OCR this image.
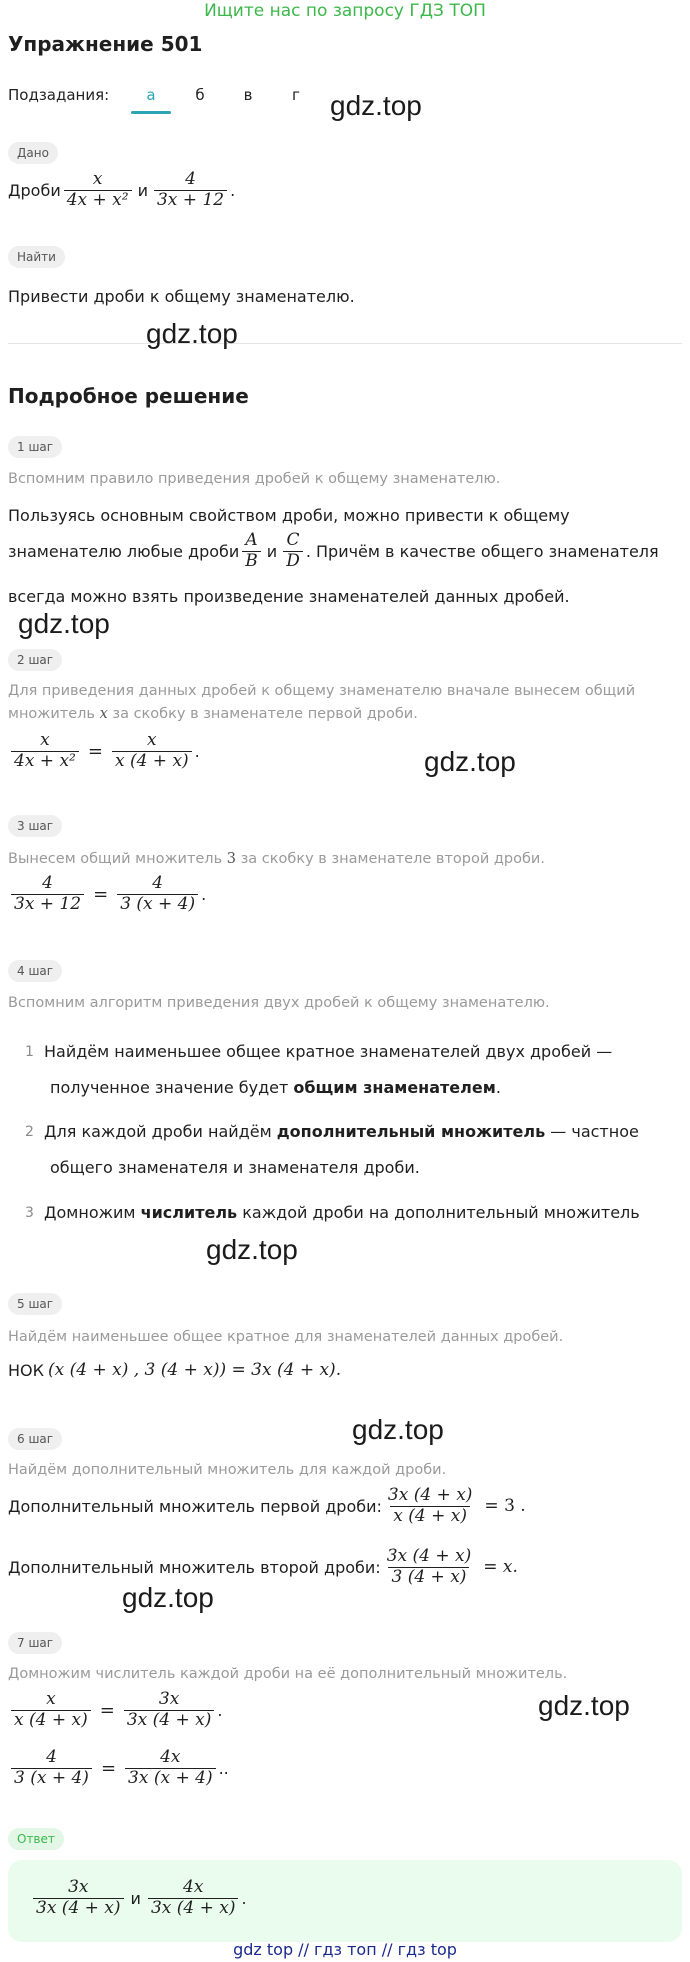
Ищите нас по запросу ГДЗ ТОП
Упражнение 501
Подзадания:	а	б	в	г	gdz.top
Дано
Дроби $\frac{x}{\text{4x + x²}}$ и $\frac{4}{3x + 12}$ .
Найти
Привести дроби к общему знаменателю.
gdz.top
Подробное решение
1 шаг
Вспомним правило приведения дробей к общему знаменателю.
Пользуясь основным свойством дроби, можно привести к общему
знаменателю любые дроби $\frac{A}{B}$ и $\frac{C}{D}$ . Причём в качестве общего знаменателя
всегда можно взять произведение знаменателей данных дробей.
gdz.top
2 шаг
Для приведения данных дробей к общему знаменателю вначале вынесем общий
множитель x за скобку в знаменателе первой дроби.
$\frac{x}{\text{4x + x²}} = \frac{x}{x (4 + x)}$ .	gdz.top
3 шаг
Вынесем общий множитель 3 за скобку в знаменателе второй дроби.
$\frac{4}{3x + 12} = \frac{4}{3 (x + 4)}$ .
4 шаг
Вспомним алгоритм приведения двух дробей к общему знаменателю.
1 Найдём наименьшее общее кратное знаменателей двух дробей —
полученное значение будет общим знаменателем.
2 Для каждой дроби найдём дополнительный множитель — частное
общего знаменателя и знаменателя дроби.
3 Домножим числитель каждой дроби на дополнительный множитель
gdz.top
5 шаг
Найдём наименьшее общее кратное для знаменателей данных дробей.
НОК (x (4 + x) , 3 (4 + x)) = 3x (4 + x).
gdz.top
6 шаг
Найдём дополнительный множитель для каждой дроби.
Дополнительный множитель первой дроби: $\frac{3x (4 + x)}{x (4 + x)} = 3$ .
Дополнительный множитель второй дроби: $\frac{3x (4 + x)}{3 (4 + x)} = x$.
gdz.top
7 шаг
Домножим числитель каждой дроби на её дополнительный множитель.
gdz.top
$\frac{x}{x (4 + x)} = \frac{3x}{3x (4 + x)}$ .
$\frac{4}{3 (x + 4)} = \frac{4x}{3x (x + 4)}$ ..
Ответ
$\frac{3x}{3x (4 + x)}$ и $\frac{4x}{3x (4 + x)}$ .
gdz top // гдз топ // гдз top
